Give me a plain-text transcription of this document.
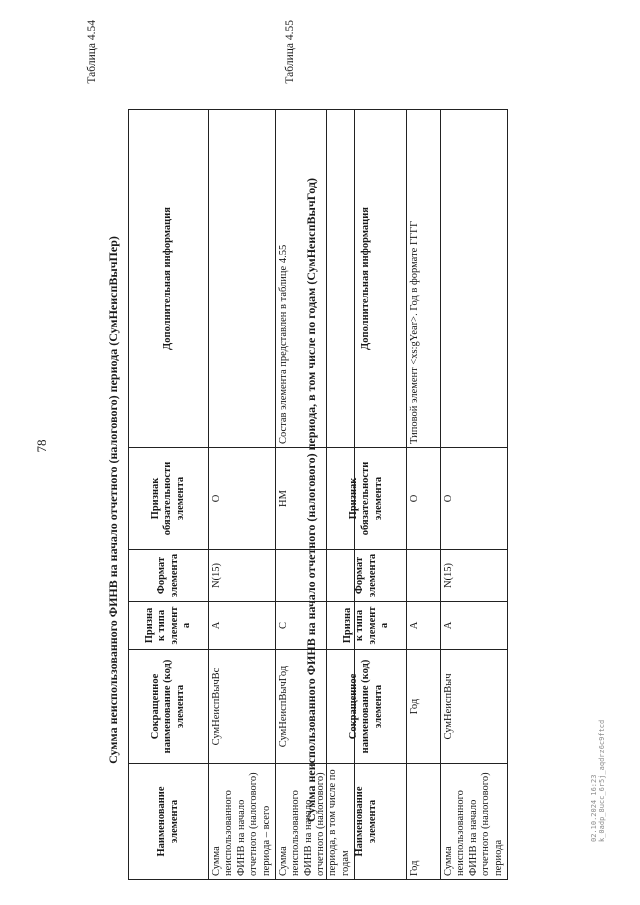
78
Таблица 4.54
Сумма неиспользованного ФИНВ на начало отчетного (налогового) периода (СумНеиспВычПер)
Наименование элемента	Сокращенное наименование (код) элемента	Признак типа элемента	Формат элемента	Признак обязательности элемента	Дополнительная информация
Сумма неиспользованного ФИНВ на начало отчетного (налогового) периода – всего	СумНеиспВычВс	А	N(15)	О	
Сумма неиспользованного ФИНВ на начало отчетного (налогового) периода, в том числе по годам	СумНеиспВычГод	С		НМ	Состав элемента представлен в таблице 4.55
Таблица 4.55
Сумма неиспользованного ФИНВ на начало отчетного (налогового) периода, в том числе по годам (СумНеиспВычГод)	Наименование элемента	Сокращенное наименование (код) элемента	Признак типа элемента	Формат элемента	Признак обязательности элемента	Дополнительная информация
Год	Год	А		О	Типовой элемент <xs:gYear>. Год в формате ГГГГ
Сумма неиспользованного ФИНВ на начало отчетного (налогового) периода	СумНеиспВыч	А	N(15)	О	
02.10.2024 16:23 k_0adp_8ucc_6r5j_aqdrz6c9ftcd
